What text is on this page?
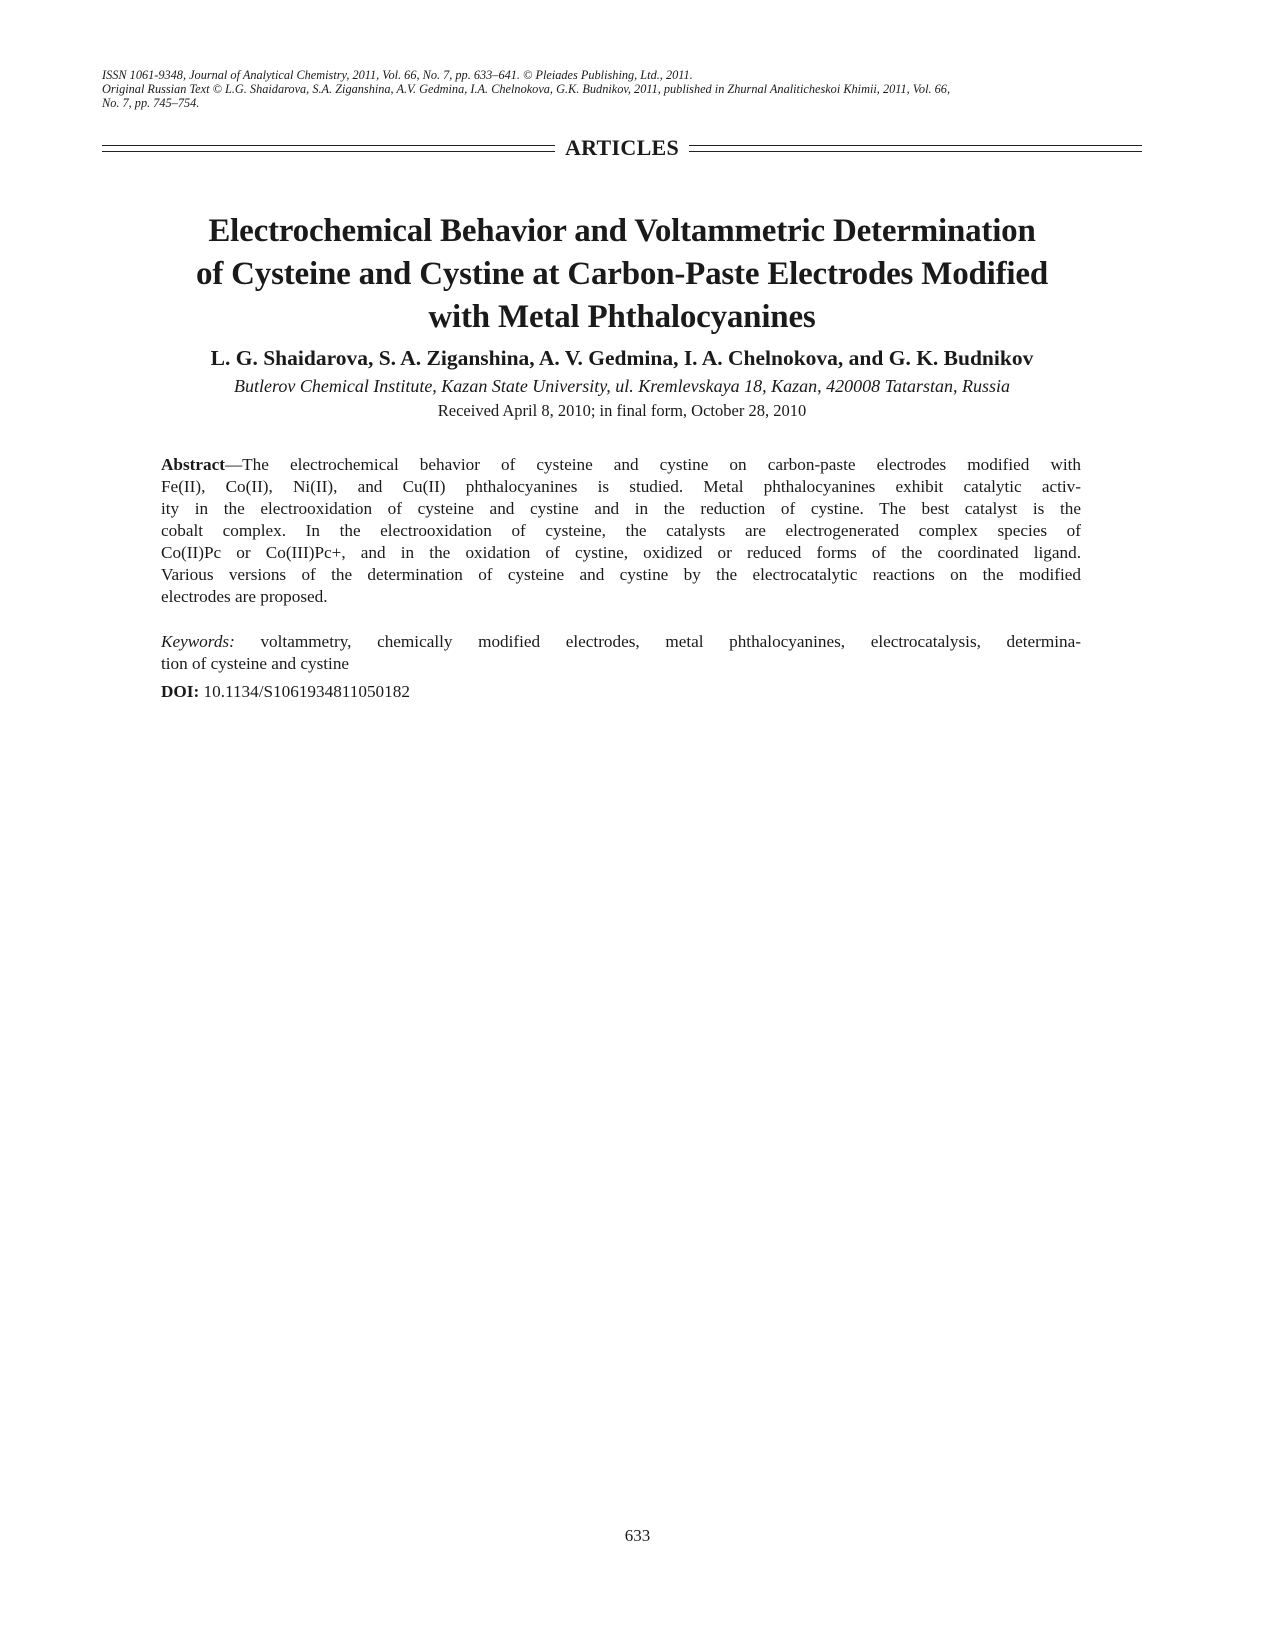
ISSN 1061-9348, Journal of Analytical Chemistry, 2011, Vol. 66, No. 7, pp. 633–641. © Pleiades Publishing, Ltd., 2011.
Original Russian Text © L.G. Shaidarova, S.A. Ziganshina, A.V. Gedmina, I.A. Chelnokova, G.K. Budnikov, 2011, published in Zhurnal Analiticheskoi Khimii, 2011, Vol. 66,
No. 7, pp. 745–754.
ARTICLES
Electrochemical Behavior and Voltammetric Determination
of Cysteine and Cystine at Carbon-Paste Electrodes Modified
with Metal Phthalocyanines
L. G. Shaidarova, S. A. Ziganshina, A. V. Gedmina, I. A. Chelnokova, and G. K. Budnikov
Butlerov Chemical Institute, Kazan State University, ul. Kremlevskaya 18, Kazan, 420008 Tatarstan, Russia
Received April 8, 2010; in final form, October 28, 2010
Abstract—The electrochemical behavior of cysteine and cystine on carbon-paste electrodes modified with
Fe(II), Co(II), Ni(II), and Cu(II) phthalocyanines is studied. Metal phthalocyanines exhibit catalytic activ-
ity in the electrooxidation of cysteine and cystine and in the reduction of cystine. The best catalyst is the
cobalt complex. In the electrooxidation of cysteine, the catalysts are electrogenerated complex species of
Co(II)Pc or Co(III)Pc+, and in the oxidation of cystine, oxidized or reduced forms of the coordinated ligand.
Various versions of the determination of cysteine and cystine by the electrocatalytic reactions on the modified
electrodes are proposed.
Keywords: voltammetry, chemically modified electrodes, metal phthalocyanines, electrocatalysis, determina-
tion of cysteine and cystine
DOI: 10.1134/S1061934811050182
633
